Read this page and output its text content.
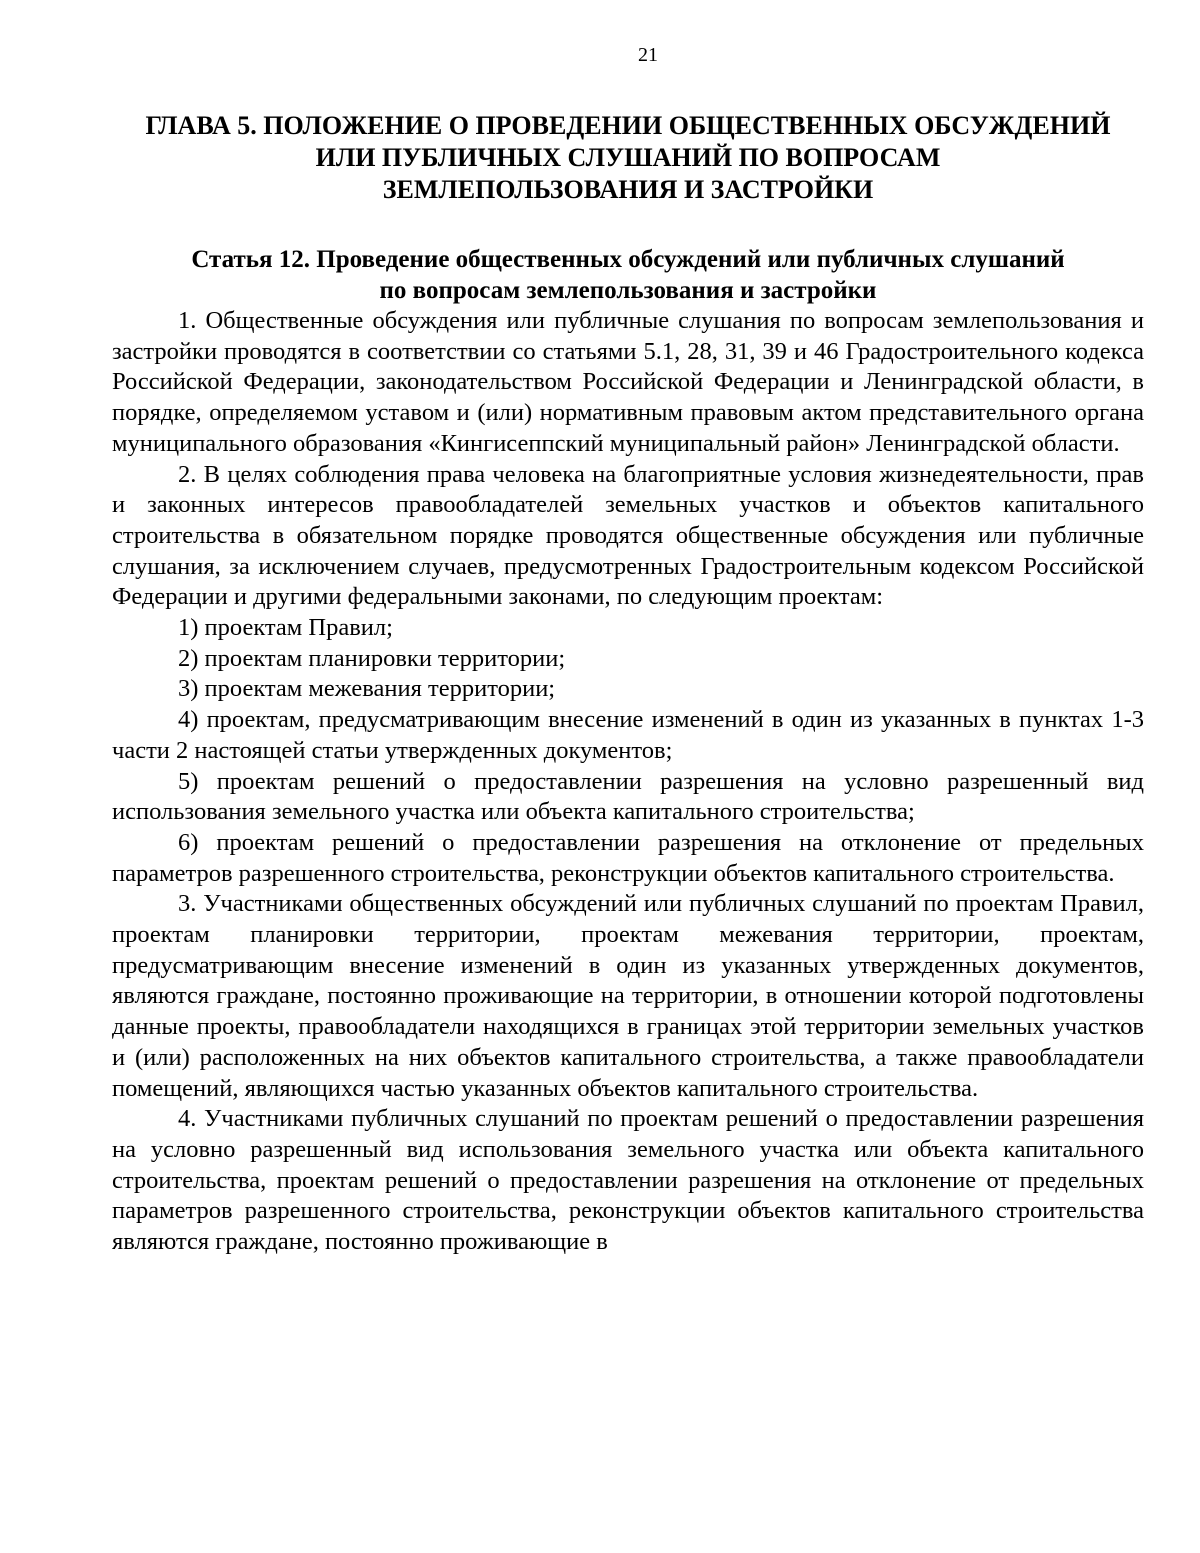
21
ГЛАВА 5. ПОЛОЖЕНИЕ О ПРОВЕДЕНИИ ОБЩЕСТВЕННЫХ ОБСУЖДЕНИЙ
ИЛИ ПУБЛИЧНЫХ СЛУШАНИЙ ПО ВОПРОСАМ
ЗЕМЛЕПОЛЬЗОВАНИЯ И ЗАСТРОЙКИ
Статья 12. Проведение общественных обсуждений или публичных слушаний
по вопросам землепользования и застройки

1. Общественные обсуждения или публичные слушания по вопросам землепользования и застройки проводятся в соответствии со статьями 5.1, 28, 31, 39 и 46 Градостроительного кодекса Российской Федерации, законодательством Российской Федерации и Ленинградской области, в порядке, определяемом уставом и (или) нормативным правовым актом представительного органа муниципального образования «Кингисеппский муниципальный район» Ленинградской области.

2. В целях соблюдения права человека на благоприятные условия жизнедеятельности, прав и законных интересов правообладателей земельных участков и объектов капитального строительства в обязательном порядке проводятся общественные обсуждения или публичные слушания, за исключением случаев, предусмотренных Градостроительным кодексом Российской Федерации и другими федеральными законами, по следующим проектам:

1) проектам Правил;

2) проектам планировки территории;

3) проектам межевания территории;

4) проектам, предусматривающим внесение изменений в один из указанных в пунктах 1-3 части 2 настоящей статьи утвержденных документов;

5) проектам решений о предоставлении разрешения на условно разрешенный вид использования земельного участка или объекта капитального строительства;

6) проектам решений о предоставлении разрешения на отклонение от предельных параметров разрешенного строительства, реконструкции объектов капитального строительства.

3. Участниками общественных обсуждений или публичных слушаний по проектам Правил, проектам планировки территории, проектам межевания территории, проектам, предусматривающим внесение изменений в один из указанных утвержденных документов, являются граждане, постоянно проживающие на территории, в отношении которой подготовлены данные проекты, правообладатели находящихся в границах этой территории земельных участков и (или) расположенных на них объектов капитального строительства, а также правообладатели помещений, являющихся частью указанных объектов капитального строительства.

4. Участниками публичных слушаний по проектам решений о предоставлении разрешения на условно разрешенный вид использования земельного участка или объекта капитального строительства, проектам решений о предоставлении разрешения на отклонение от предельных параметров разрешенного строительства, реконструкции объектов капитального строительства являются граждане, постоянно проживающие в
